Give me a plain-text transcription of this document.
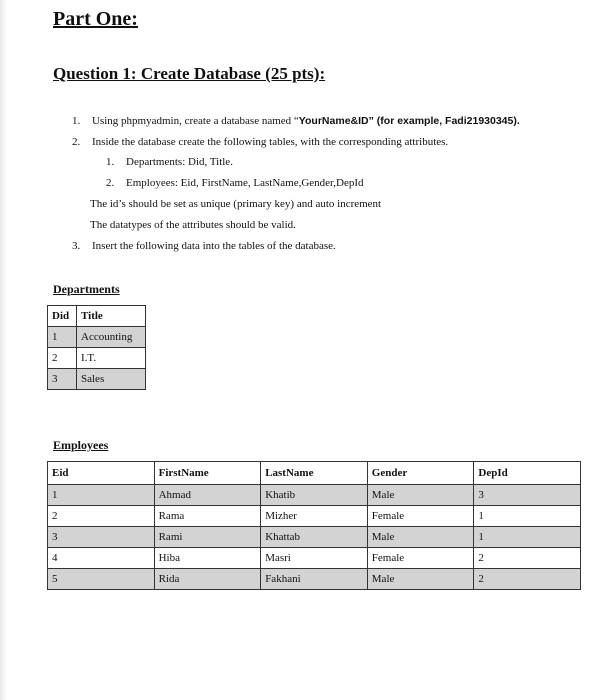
Part One:
Question 1: Create Database (25 pts):
1. Using phpmyadmin, create a database named “YourName&ID” (for example, Fadi21930345).
2. Inside the database create the following tables, with the corresponding attributes.
1. Departments: Did, Title.
2. Employees: Eid, FirstName, LastName,Gender,DepId
The id’s should be set as unique (primary key) and auto increment
The datatypes of the attributes should be valid.
3. Insert the following data into the tables of the database.
Departments
Did	Title
1	Accounting
2	I.T.
3	Sales
Employees
Eid	FirstName	LastName	Gender	DepId
1	Ahmad	Khatib	Male	3
2	Rama	Mizher	Female	1
3	Rami	Khattab	Male	1
4	Hiba	Masri	Female	2
5	Rida	Fakhani	Male	2
